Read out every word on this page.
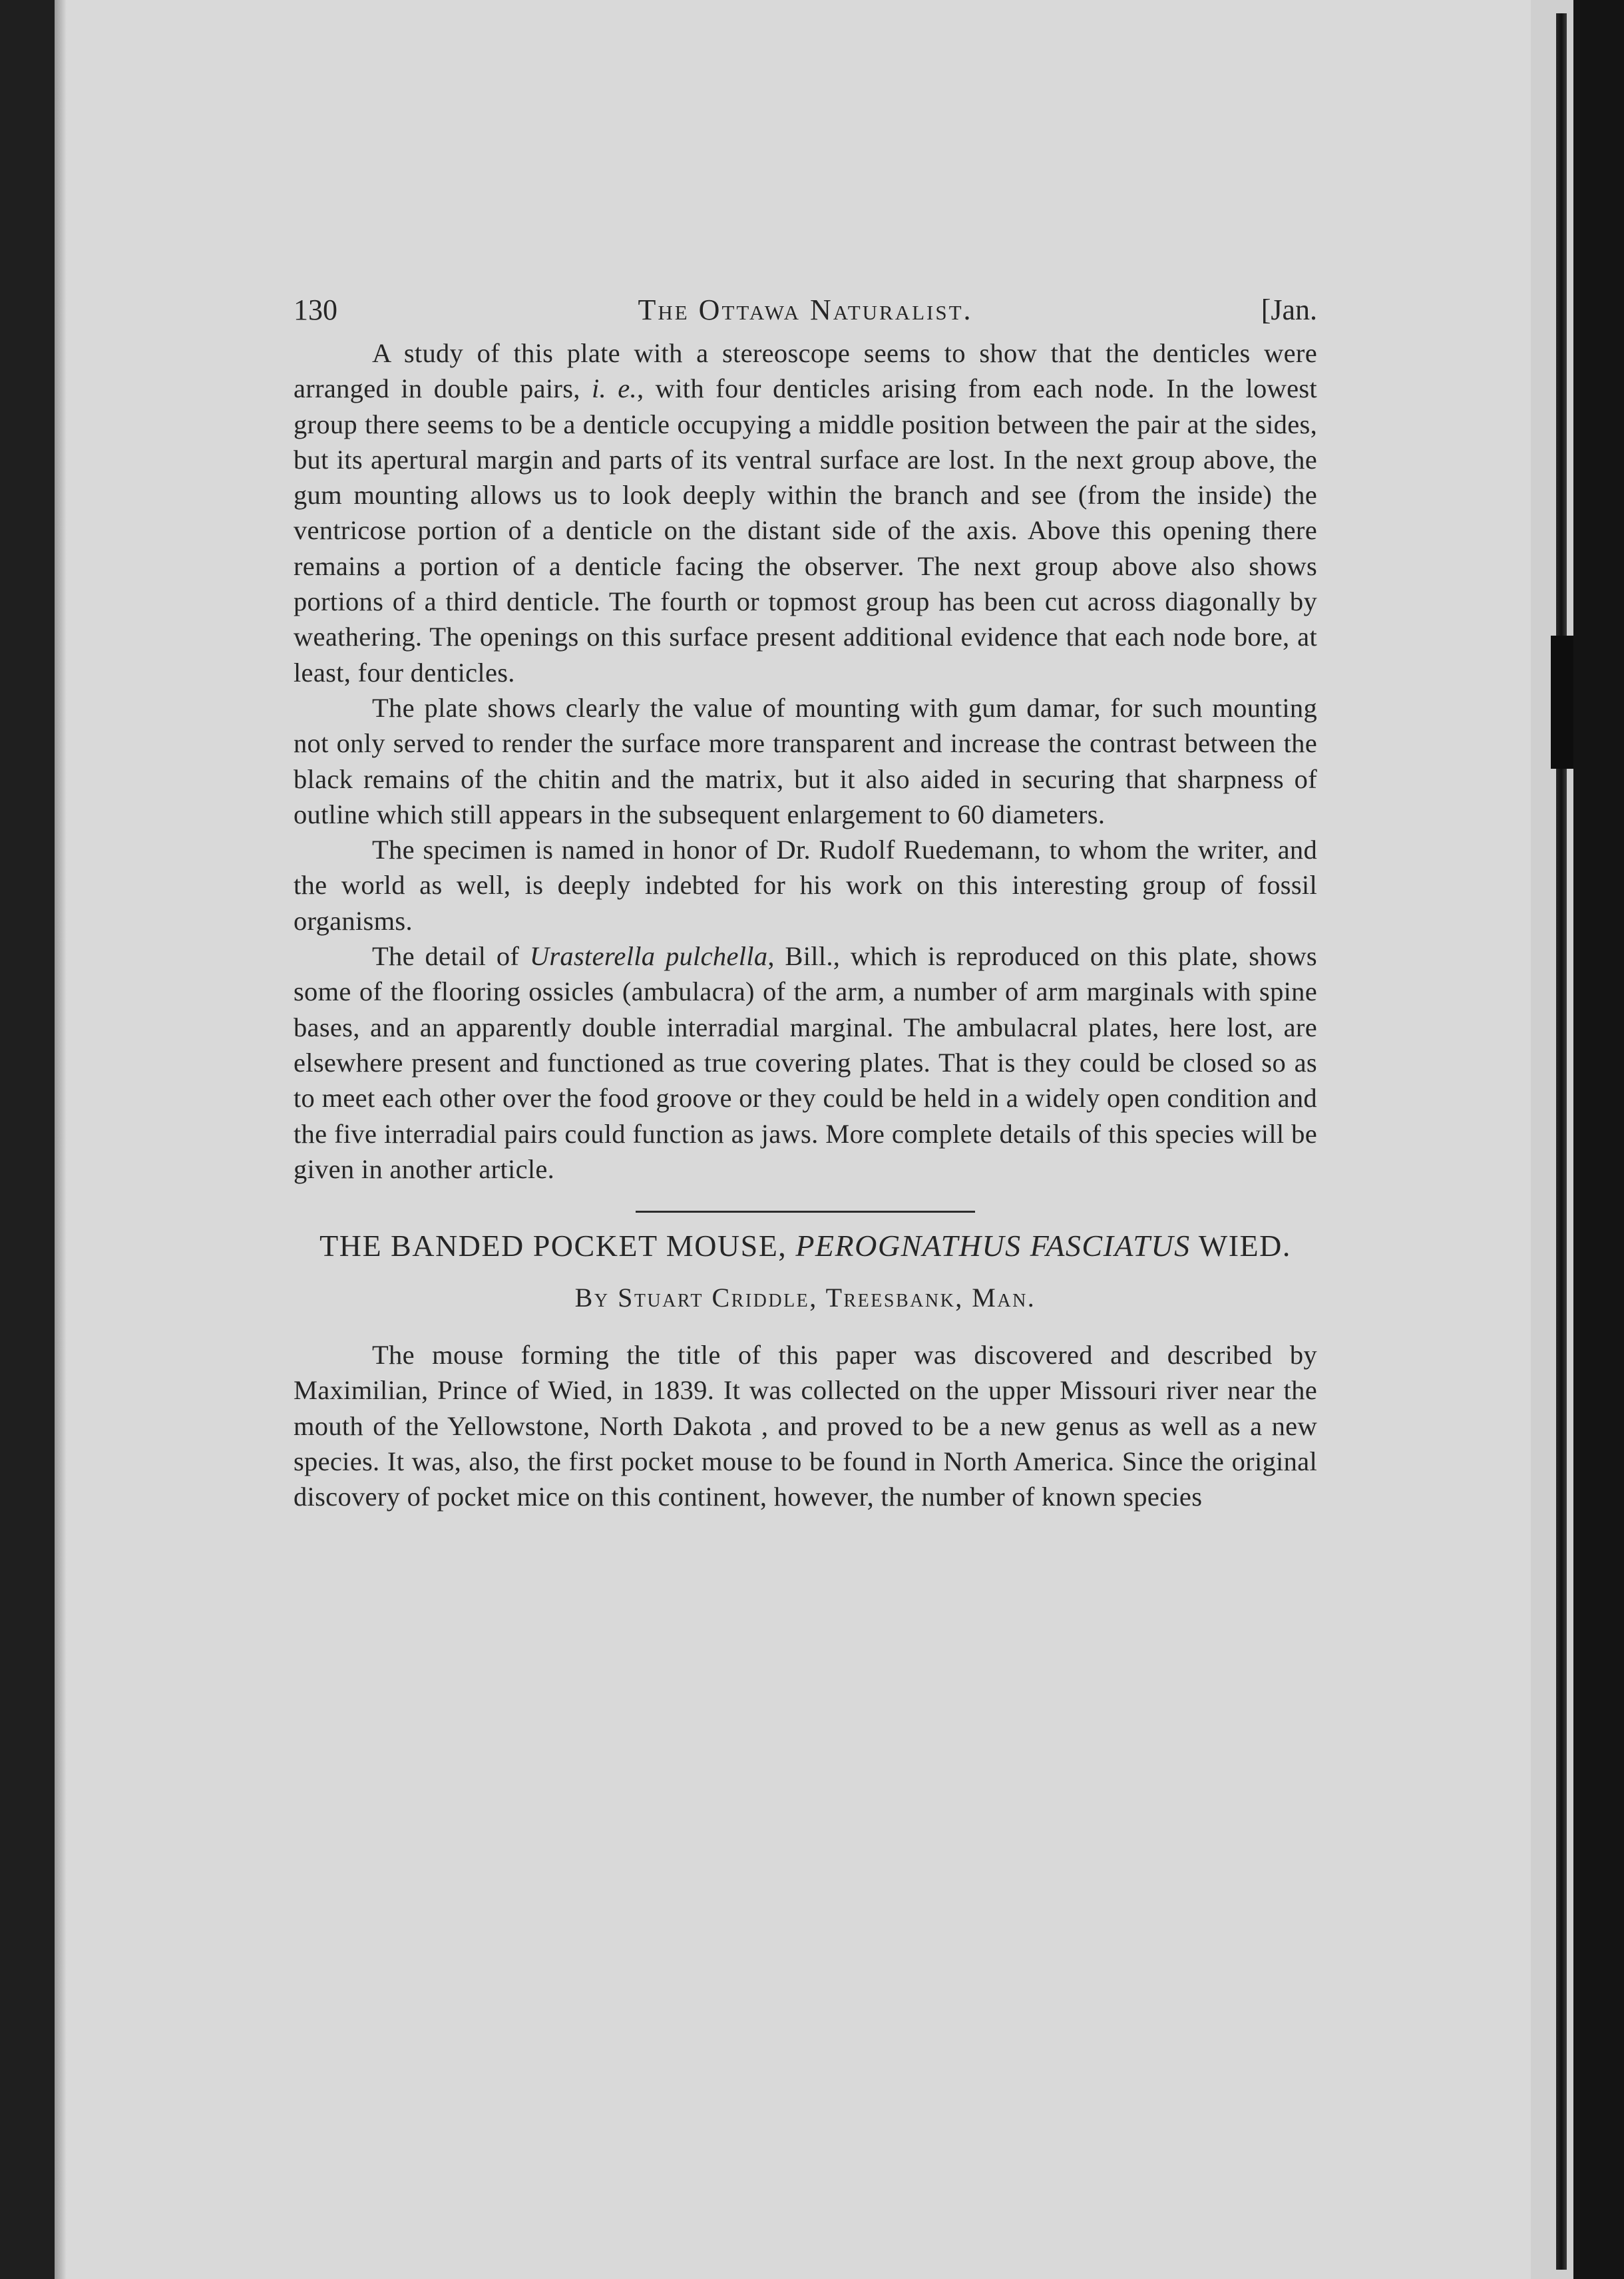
130	The Ottawa Naturalist.	[Jan.

A study of this plate with a stereoscope seems to show that the denticles were arranged in double pairs, i. e., with four denticles arising from each node. In the lowest group there seems to be a denticle occupying a middle position between the pair at the sides, but its apertural margin and parts of its ventral surface are lost. In the next group above, the gum mounting allows us to look deeply within the branch and see (from the inside) the ventricose portion of a denticle on the distant side of the axis. Above this opening there remains a portion of a denticle facing the observer. The next group above also shows portions of a third denticle. The fourth or topmost group has been cut across diagonally by weathering. The openings on this surface present additional evidence that each node bore, at least, four denticles.

The plate shows clearly the value of mounting with gum damar, for such mounting not only served to render the surface more transparent and increase the contrast between the black remains of the chitin and the matrix, but it also aided in securing that sharpness of outline which still appears in the subsequent enlargement to 60 diameters.

The specimen is named in honor of Dr. Rudolf Ruedemann, to whom the writer, and the world as well, is deeply indebted for his work on this interesting group of fossil organisms.

The detail of Urasterella pulchella, Bill., which is reproduced on this plate, shows some of the flooring ossicles (ambulacra) of the arm, a number of arm marginals with spine bases, and an apparently double interradial marginal. The ambulacral plates, here lost, are elsewhere present and functioned as true covering plates. That is they could be closed so as to meet each other over the food groove or they could be held in a widely open condition and the five interradial pairs could function as jaws. More complete details of this species will be given in another article.

THE BANDED POCKET MOUSE, PEROGNATHUS FASCIATUS WIED.
By Stuart Criddle, Treesbank, Man.

The mouse forming the title of this paper was discovered and described by Maximilian, Prince of Wied, in 1839. It was collected on the upper Missouri river near the mouth of the Yellowstone, North Dakota , and proved to be a new genus as well as a new species. It was, also, the first pocket mouse to be found in North America. Since the original discovery of pocket mice on this continent, however, the number of known species
